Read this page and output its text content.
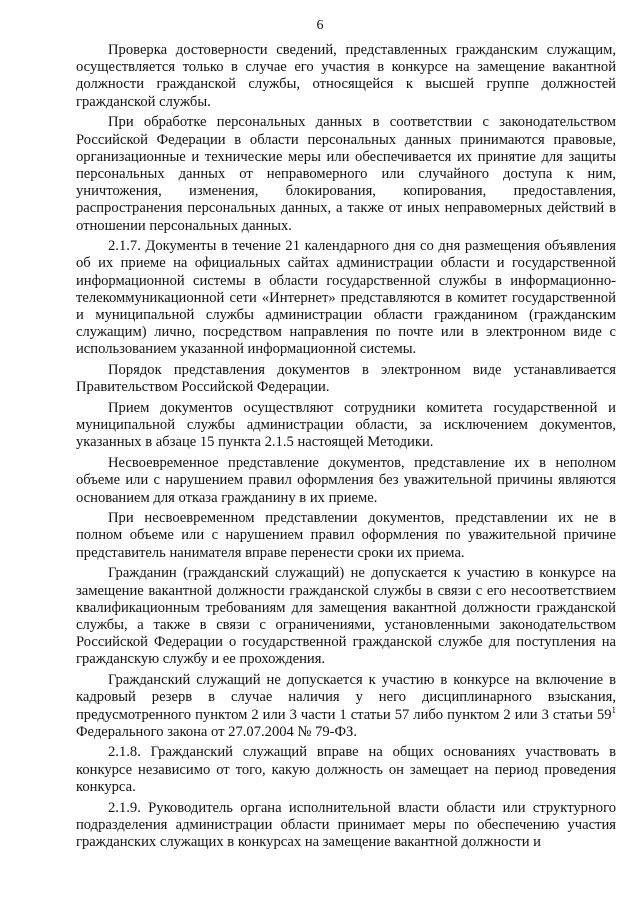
6

Проверка достоверности сведений, представленных гражданским служащим, осуществляется только в случае его участия в конкурсе на замещение вакантной должности гражданской службы, относящейся к высшей группе должностей гражданской службы.

При обработке персональных данных в соответствии с законодательством Российской Федерации в области персональных данных принимаются правовые, организационные и технические меры или обеспечивается их принятие для защиты персональных данных от неправомерного или случайного доступа к ним, уничтожения, изменения, блокирования, копирования, предоставления, распространения персональных данных, а также от иных неправомерных действий в отношении персональных данных.

2.1.7. Документы в течение 21 календарного дня со дня размещения объявления об их приеме на официальных сайтах администрации области и государственной информационной системы в области государственной службы в информационно-телекоммуникационной сети «Интернет» представляются в комитет государственной и муниципальной службы администрации области гражданином (гражданским служащим) лично, посредством направления по почте или в электронном виде с использованием указанной информационной системы.

Порядок представления документов в электронном виде устанавливается Правительством Российской Федерации.

Прием документов осуществляют сотрудники комитета государственной и муниципальной службы администрации области, за исключением документов, указанных в абзаце 15 пункта 2.1.5 настоящей Методики.

Несвоевременное представление документов, представление их в неполном объеме или с нарушением правил оформления без уважительной причины являются основанием для отказа гражданину в их приеме.

При несвоевременном представлении документов, представлении их не в полном объеме или с нарушением правил оформления по уважительной причине представитель нанимателя вправе перенести сроки их приема.

Гражданин (гражданский служащий) не допускается к участию в конкурсе на замещение вакантной должности гражданской службы в связи с его несоответствием квалификационным требованиям для замещения вакантной должности гражданской службы, а также в связи с ограничениями, установленными законодательством Российской Федерации о государственной гражданской службе для поступления на гражданскую службу и ее прохождения.

Гражданский служащий не допускается к участию в конкурсе на включение в кадровый резерв в случае наличия у него дисциплинарного взыскания, предусмотренного пунктом 2 или 3 части 1 статьи 57 либо пунктом 2 или 3 статьи $59^1$ Федерального закона от 27.07.2004 № 79-ФЗ.

2.1.8. Гражданский служащий вправе на общих основаниях участвовать в конкурсе независимо от того, какую должность он замещает на период проведения конкурса.

2.1.9. Руководитель органа исполнительной власти области или структурного подразделения администрации области принимает меры по обеспечению участия гражданских служащих в конкурсах на замещение вакантной должности и
